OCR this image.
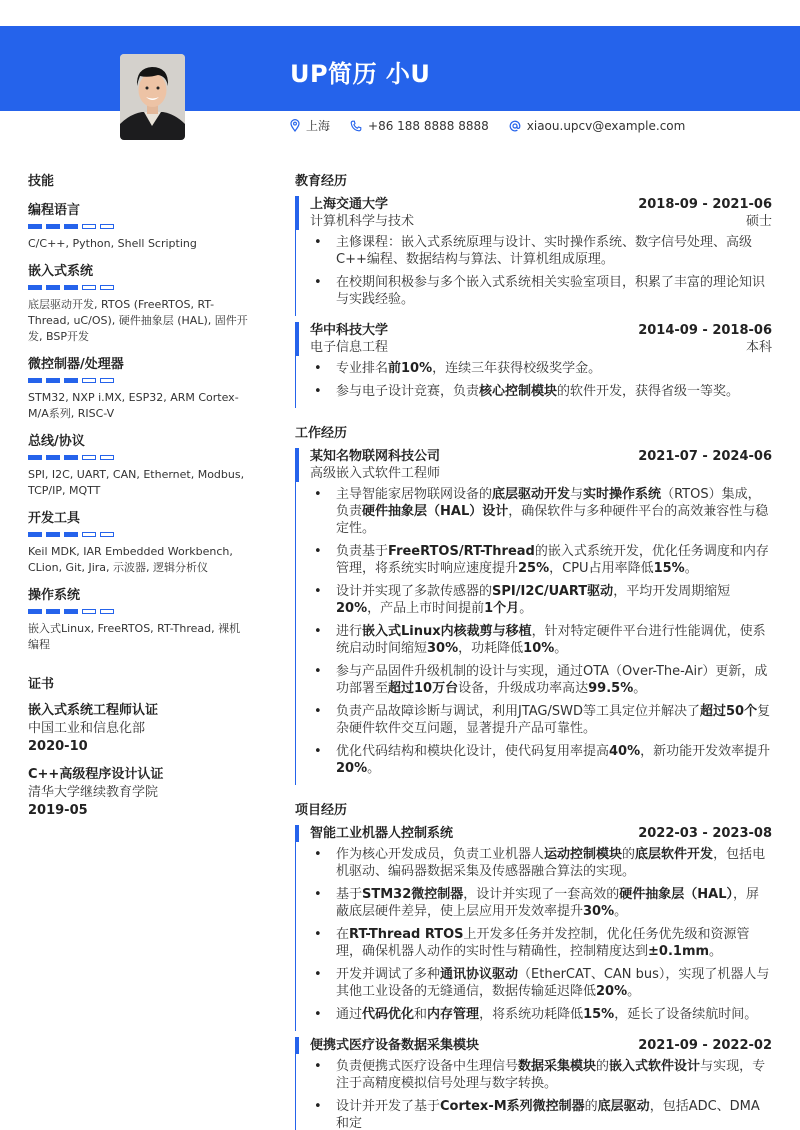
UP简历 小U
上海	+86 188 8888 8888	xiaou.upcv@example.com
技能
编程语言
C/C++, Python, Shell Scripting
嵌入式系统
底层驱动开发, RTOS (FreeRTOS, RT-Thread, uC/OS), 硬件抽象层 (HAL), 固件开发, BSP开发
微控制器/处理器
STM32, NXP i.MX, ESP32, ARM Cortex-M/A系列, RISC-V
总线/协议
SPI, I2C, UART, CAN, Ethernet, Modbus, TCP/IP, MQTT
开发工具
Keil MDK, IAR Embedded Workbench, CLion, Git, Jira, 示波器, 逻辑分析仪
操作系统
嵌入式Linux, FreeRTOS, RT-Thread, 裸机编程
证书
嵌入式系统工程师认证
中国工业和信息化部
2020-10
C++高级程序设计认证
清华大学继续教育学院
2019-05
教育经历
上海交通大学	2018-09 - 2021-06
计算机科学与技术	硕士
• 主修课程：嵌入式系统原理与设计、实时操作系统、数字信号处理、高级C++编程、数据结构与算法、计算机组成原理。
• 在校期间积极参与多个嵌入式系统相关实验室项目，积累了丰富的理论知识与实践经验。
华中科技大学	2014-09 - 2018-06
电子信息工程	本科
• 专业排名前10%，连续三年获得校级奖学金。
• 参与电子设计竞赛，负责核心控制模块的软件开发，获得省级一等奖。
工作经历
某知名物联网科技公司	2021-07 - 2024-06
高级嵌入式软件工程师
• 主导智能家居物联网设备的底层驱动开发与实时操作系统（RTOS）集成，负责硬件抽象层（HAL）设计，确保软件与多种硬件平台的高效兼容性与稳定性。
• 负责基于FreeRTOS/RT-Thread的嵌入式系统开发，优化任务调度和内存管理，将系统实时响应速度提升25%，CPU占用率降低15%。
• 设计并实现了多款传感器的SPI/I2C/UART驱动，平均开发周期缩短20%，产品上市时间提前1个月。
• 进行嵌入式Linux内核裁剪与移植，针对特定硬件平台进行性能调优，使系统启动时间缩短30%，功耗降低10%。
• 参与产品固件升级机制的设计与实现，通过OTA（Over-The-Air）更新，成功部署至超过10万台设备，升级成功率高达99.5%。
• 负责产品故障诊断与调试，利用JTAG/SWD等工具定位并解决了超过50个复杂硬件软件交互问题，显著提升产品可靠性。
• 优化代码结构和模块化设计，使代码复用率提高40%，新功能开发效率提升20%。
项目经历
智能工业机器人控制系统	2022-03 - 2023-08
• 作为核心开发成员，负责工业机器人运动控制模块的底层软件开发，包括电机驱动、编码器数据采集及传感器融合算法的实现。
• 基于STM32微控制器，设计并实现了一套高效的硬件抽象层（HAL），屏蔽底层硬件差异，使上层应用开发效率提升30%。
• 在RT-Thread RTOS上开发多任务并发控制，优化任务优先级和资源管理，确保机器人动作的实时性与精确性，控制精度达到±0.1mm。
• 开发并调试了多种通讯协议驱动（EtherCAT、CAN bus），实现了机器人与其他工业设备的无缝通信，数据传输延迟降低20%。
• 通过代码优化和内存管理，将系统功耗降低15%，延长了设备续航时间。
便携式医疗设备数据采集模块	2021-09 - 2022-02
• 负责便携式医疗设备中生理信号数据采集模块的嵌入式软件设计与实现，专注于高精度模拟信号处理与数字转换。
• 设计并开发了基于Cortex-M系列微控制器的底层驱动，包括ADC、DMA和定
